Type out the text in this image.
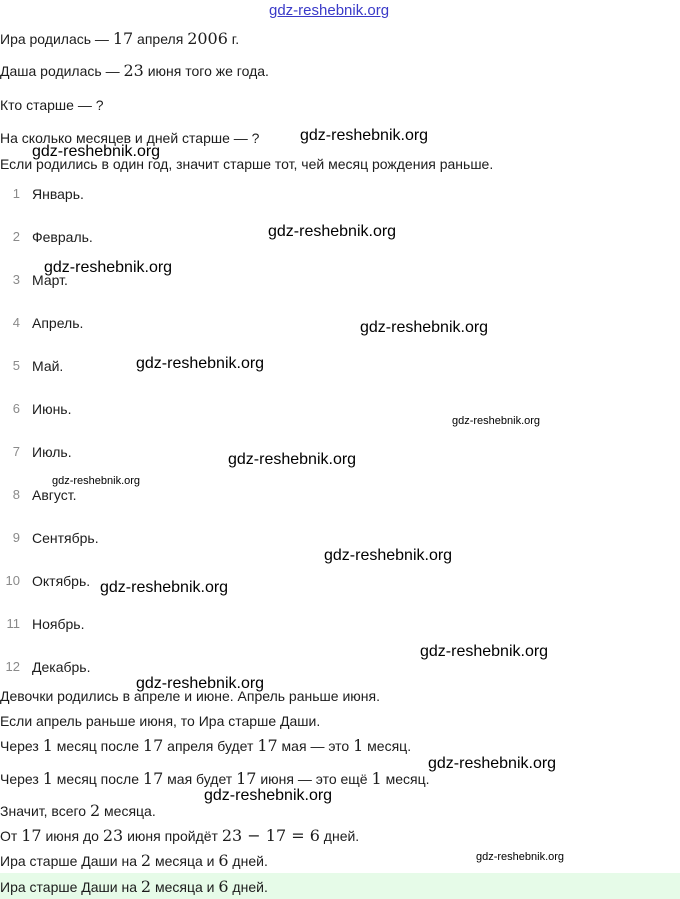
gdz-reshebnik.org
gdz-reshebnik.org
gdz-reshebnik.org
gdz-reshebnik.org
gdz-reshebnik.org
gdz-reshebnik.org
gdz-reshebnik.org
gdz-reshebnik.org
gdz-reshebnik.org
gdz-reshebnik.org
gdz-reshebnik.org
gdz-reshebnik.org
gdz-reshebnik.org
gdz-reshebnik.org
gdz-reshebnik.org
gdz-reshebnik.org
gdz-reshebnik.org
Ира родилась — 17 апреля 2006 г.
Даша родилась — 23 июня того же года.
Кто старше — ?
На сколько месяцев и дней старше — ?
Если родились в один год, значит старше тот, чей месяц рождения раньше.
1 Январь.
2 Февраль.
3 Март.
4 Апрель.
5 Май.
6 Июнь.
7 Июль.
8 Август.
9 Сентябрь.
10 Октябрь.
11 Ноябрь.
12 Декабрь.
Девочки родились в апреле и июне. Апрель раньше июня.
Если апрель раньше июня, то Ира старше Даши.
Через 1 месяц после 17 апреля будет 17 мая — это 1 месяц.
Через 1 месяц после 17 мая будет 17 июня — это ещё 1 месяц.
Значит, всего 2 месяца.
От 17 июня до 23 июня пройдёт 23 − 17 = 6 дней.
Ира старше Даши на 2 месяца и 6 дней.
Ира старше Даши на 2 месяца и 6 дней.
